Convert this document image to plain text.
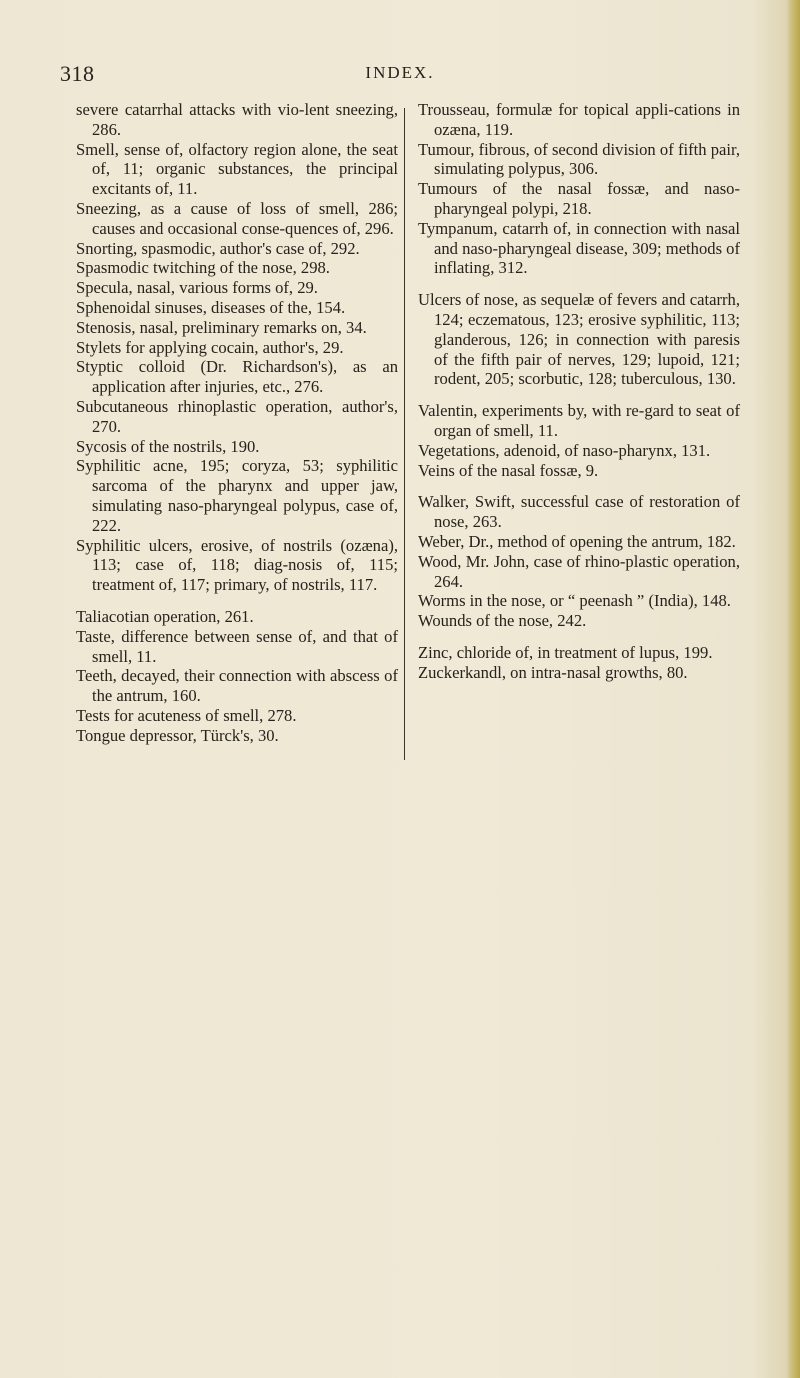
318	INDEX.

severe catarrhal attacks with vio-lent sneezing, 286.

Smell, sense of, olfactory region alone, the seat of, 11; organic substances, the principal excitants of, 11.

Sneezing, as a cause of loss of smell, 286; causes and occasional conse-quences of, 296.

Snorting, spasmodic, author's case of, 292.

Spasmodic twitching of the nose, 298.

Specula, nasal, various forms of, 29.

Sphenoidal sinuses, diseases of the, 154.

Stenosis, nasal, preliminary remarks on, 34.

Stylets for applying cocain, author's, 29.

Styptic colloid (Dr. Richardson's), as an application after injuries, etc., 276.

Subcutaneous rhinoplastic operation, author's, 270.

Sycosis of the nostrils, 190.

Syphilitic acne, 195; coryza, 53; syphilitic sarcoma of the pharynx and upper jaw, simulating naso-pharyngeal polypus, case of, 222.

Syphilitic ulcers, erosive, of nostrils (ozæna), 113; case of, 118; diag-nosis of, 115; treatment of, 117; primary, of nostrils, 117.

Taliacotian operation, 261.

Taste, difference between sense of, and that of smell, 11.

Teeth, decayed, their connection with abscess of the antrum, 160.

Tests for acuteness of smell, 278.

Tongue depressor, Türck's, 30.

Trousseau, formulæ for topical appli-cations in ozæna, 119.

Tumour, fibrous, of second division of fifth pair, simulating polypus, 306.

Tumours of the nasal fossæ, and naso-pharyngeal polypi, 218.

Tympanum, catarrh of, in connection with nasal and naso-pharyngeal disease, 309; methods of inflating, 312.

Ulcers of nose, as sequelæ of fevers and catarrh, 124; eczematous, 123; erosive syphilitic, 113; glanderous, 126; in connection with paresis of the fifth pair of nerves, 129; lupoid, 121; rodent, 205; scorbutic, 128; tuberculous, 130.

Valentin, experiments by, with re-gard to seat of organ of smell, 11.

Vegetations, adenoid, of naso-pharynx, 131.

Veins of the nasal fossæ, 9.

Walker, Swift, successful case of restoration of nose, 263.

Weber, Dr., method of opening the antrum, 182.

Wood, Mr. John, case of rhino-plastic operation, 264.

Worms in the nose, or “ peenash ” (India), 148.

Wounds of the nose, 242.

Zinc, chloride of, in treatment of lupus, 199.

Zuckerkandl, on intra-nasal growths, 80.
